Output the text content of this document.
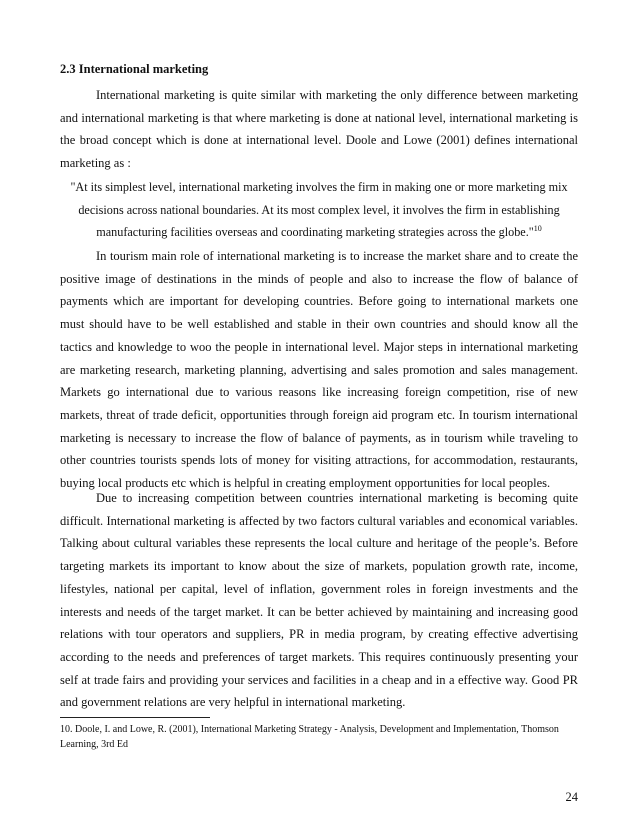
2.3 International marketing

International marketing is quite similar with marketing the only difference between marketing and international marketing is that where marketing is done at national level, international marketing is the broad concept which is done at international level. Doole and Lowe (2001) defines international marketing as :

"At its simplest level, international marketing involves the firm in making one or more marketing mix
decisions across national boundaries. At its most complex level, it involves the firm in establishing
manufacturing facilities overseas and coordinating marketing strategies across the globe."$^{10}$

In tourism main role of international marketing is to increase the market share and to create the positive image of destinations in the minds of people and also to increase the flow of balance of payments which are important for developing countries. Before going to international markets one must should have to be well established and stable in their own countries and should know all the tactics and knowledge to woo the people in international level. Major steps in international marketing are marketing research, marketing planning, advertising and sales promotion and sales management. Markets go international due to various reasons like increasing foreign competition, rise of new markets, threat of trade deficit, opportunities through foreign aid program etc. In tourism international marketing is necessary to increase the flow of balance of payments, as in tourism while traveling to other countries tourists spends lots of money for visiting attractions, for accommodation, restaurants, buying local products etc which is helpful in creating employment opportunities for local peoples.

Due to increasing competition between countries international marketing is becoming quite difficult. International marketing is affected by two factors cultural variables and economical variables. Talking about cultural variables these represents the local culture and heritage of the people’s. Before targeting markets its important to know about the size of markets, population growth rate, income, lifestyles, national per capital, level of inflation, government roles in foreign investments and the interests and needs of the target market. It can be better achieved by maintaining and increasing good relations with tour operators and suppliers, PR in media program, by creating effective advertising according to the needs and preferences of target markets. This requires continuously presenting your self at trade fairs and providing your services and facilities in a cheap and in a effective way. Good PR and government relations are very helpful in international marketing.

10. Doole, I. and Lowe, R. (2001), International Marketing Strategy - Analysis, Development and Implementation, Thomson Learning, 3rd Ed

24
